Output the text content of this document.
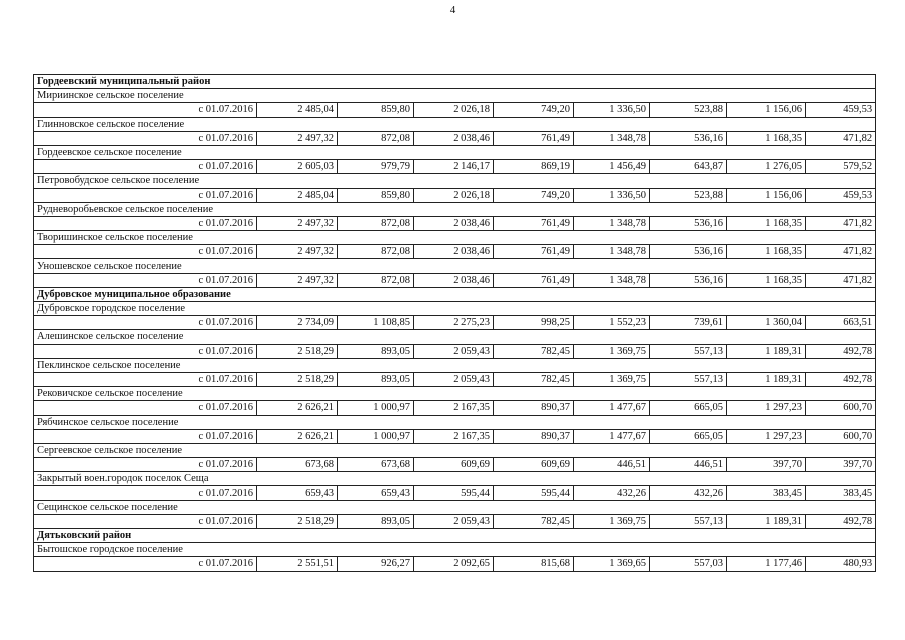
4
Гордеевский муниципальный район								
Мириинское сельское поселение								
с 01.07.2016	2 485,04	859,80	2 026,18	749,20	1 336,50	523,88	1 156,06	459,53
Глинновское сельское поселение								
с 01.07.2016	2 497,32	872,08	2 038,46	761,49	1 348,78	536,16	1 168,35	471,82
Гордеевское сельское поселение								
с 01.07.2016	2 605,03	979,79	2 146,17	869,19	1 456,49	643,87	1 276,05	579,52
Петровобудское сельское поселение								
с 01.07.2016	2 485,04	859,80	2 026,18	749,20	1 336,50	523,88	1 156,06	459,53
Рудневоробьевское сельское поселение								
с 01.07.2016	2 497,32	872,08	2 038,46	761,49	1 348,78	536,16	1 168,35	471,82
Творишинское сельское поселение								
с 01.07.2016	2 497,32	872,08	2 038,46	761,49	1 348,78	536,16	1 168,35	471,82
Уношевское сельское поселение								
с 01.07.2016	2 497,32	872,08	2 038,46	761,49	1 348,78	536,16	1 168,35	471,82
Дубровское муниципальное образование								
Дубровское городское поселение								
с 01.07.2016	2 734,09	1 108,85	2 275,23	998,25	1 552,23	739,61	1 360,04	663,51
Алешинское сельское поселение								
с 01.07.2016	2 518,29	893,05	2 059,43	782,45	1 369,75	557,13	1 189,31	492,78
Пеклинское сельское поселение								
с 01.07.2016	2 518,29	893,05	2 059,43	782,45	1 369,75	557,13	1 189,31	492,78
Рековичское сельское поселение								
с 01.07.2016	2 626,21	1 000,97	2 167,35	890,37	1 477,67	665,05	1 297,23	600,70
Рябчинское сельское поселение								
с 01.07.2016	2 626,21	1 000,97	2 167,35	890,37	1 477,67	665,05	1 297,23	600,70
Сергеевское сельское поселение								
с 01.07.2016	673,68	673,68	609,69	609,69	446,51	446,51	397,70	397,70
Закрытый воен.городок поселок Сеща								
с 01.07.2016	659,43	659,43	595,44	595,44	432,26	432,26	383,45	383,45
Сещинское сельское поселение								
с 01.07.2016	2 518,29	893,05	2 059,43	782,45	1 369,75	557,13	1 189,31	492,78
Дятьковский район								
Бытошское городское поселение								
с 01.07.2016	2 551,51	926,27	2 092,65	815,68	1 369,65	557,03	1 177,46	480,93
